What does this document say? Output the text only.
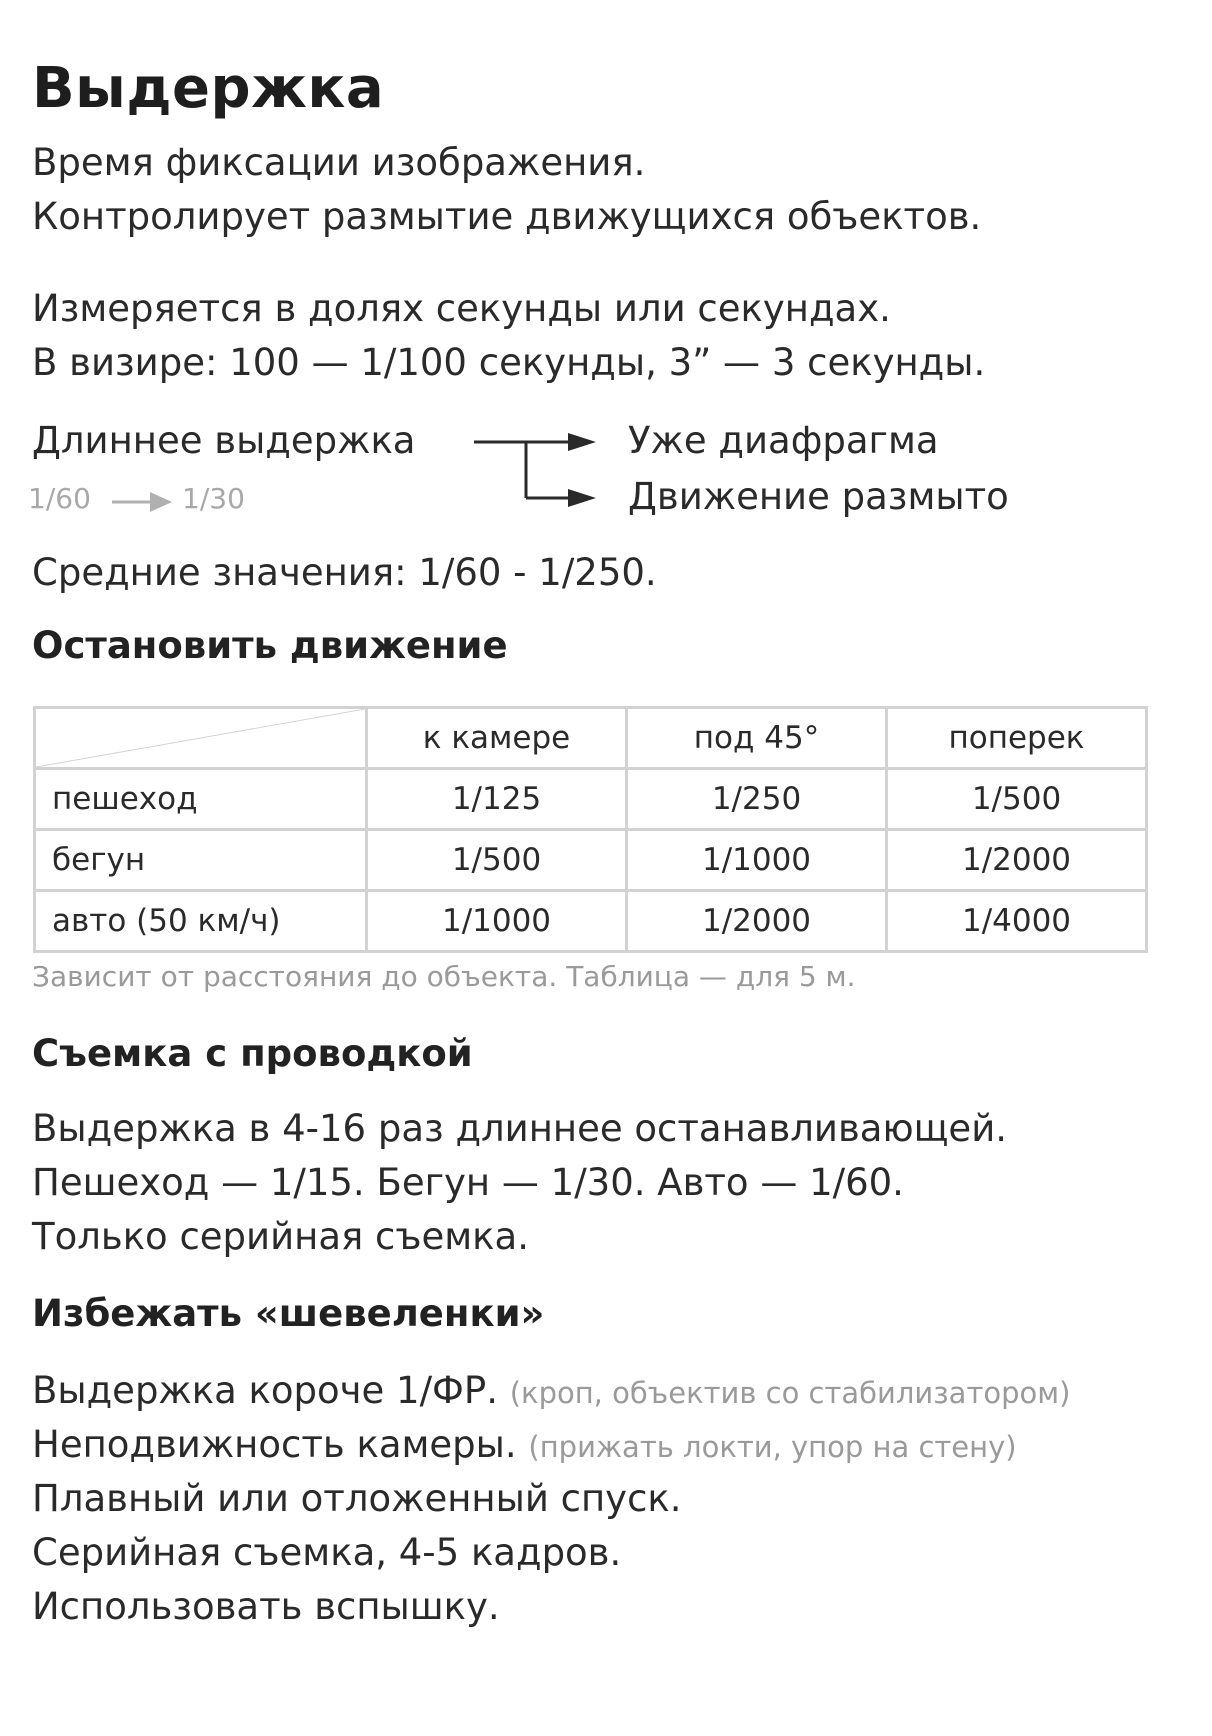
Выдержка
Время фиксации изображения.
Контролирует размытие движущихся объектов.
Измеряется в долях секунды или секундах.
В визире: 100 — 1/100 секунды, 3” — 3 секунды.
Длиннее выдержка
1/60	1/30
Уже диафрагма
Движение размыто
Средние значения: 1/60 - 1/250.
Остановить движение
	к камере	под 45°	поперек
пешеход	1/125	1/250	1/500
бегун	1/500	1/1000	1/2000
авто (50 км/ч)	1/1000	1/2000	1/4000
Зависит от расстояния до объекта. Таблица — для 5 м.
Съемка с проводкой
Выдержка в 4-16 раз длиннее останавливающей.
Пешеход — 1/15. Бегун — 1/30. Авто — 1/60.
Только серийная съемка.
Избежать «шевеленки»
Выдержка короче 1/ФР. (кроп, объектив со стабилизатором)
Неподвижность камеры. (прижать локти, упор на стену)
Плавный или отложенный спуск.
Серийная съемка, 4-5 кадров.
Использовать вспышку.
